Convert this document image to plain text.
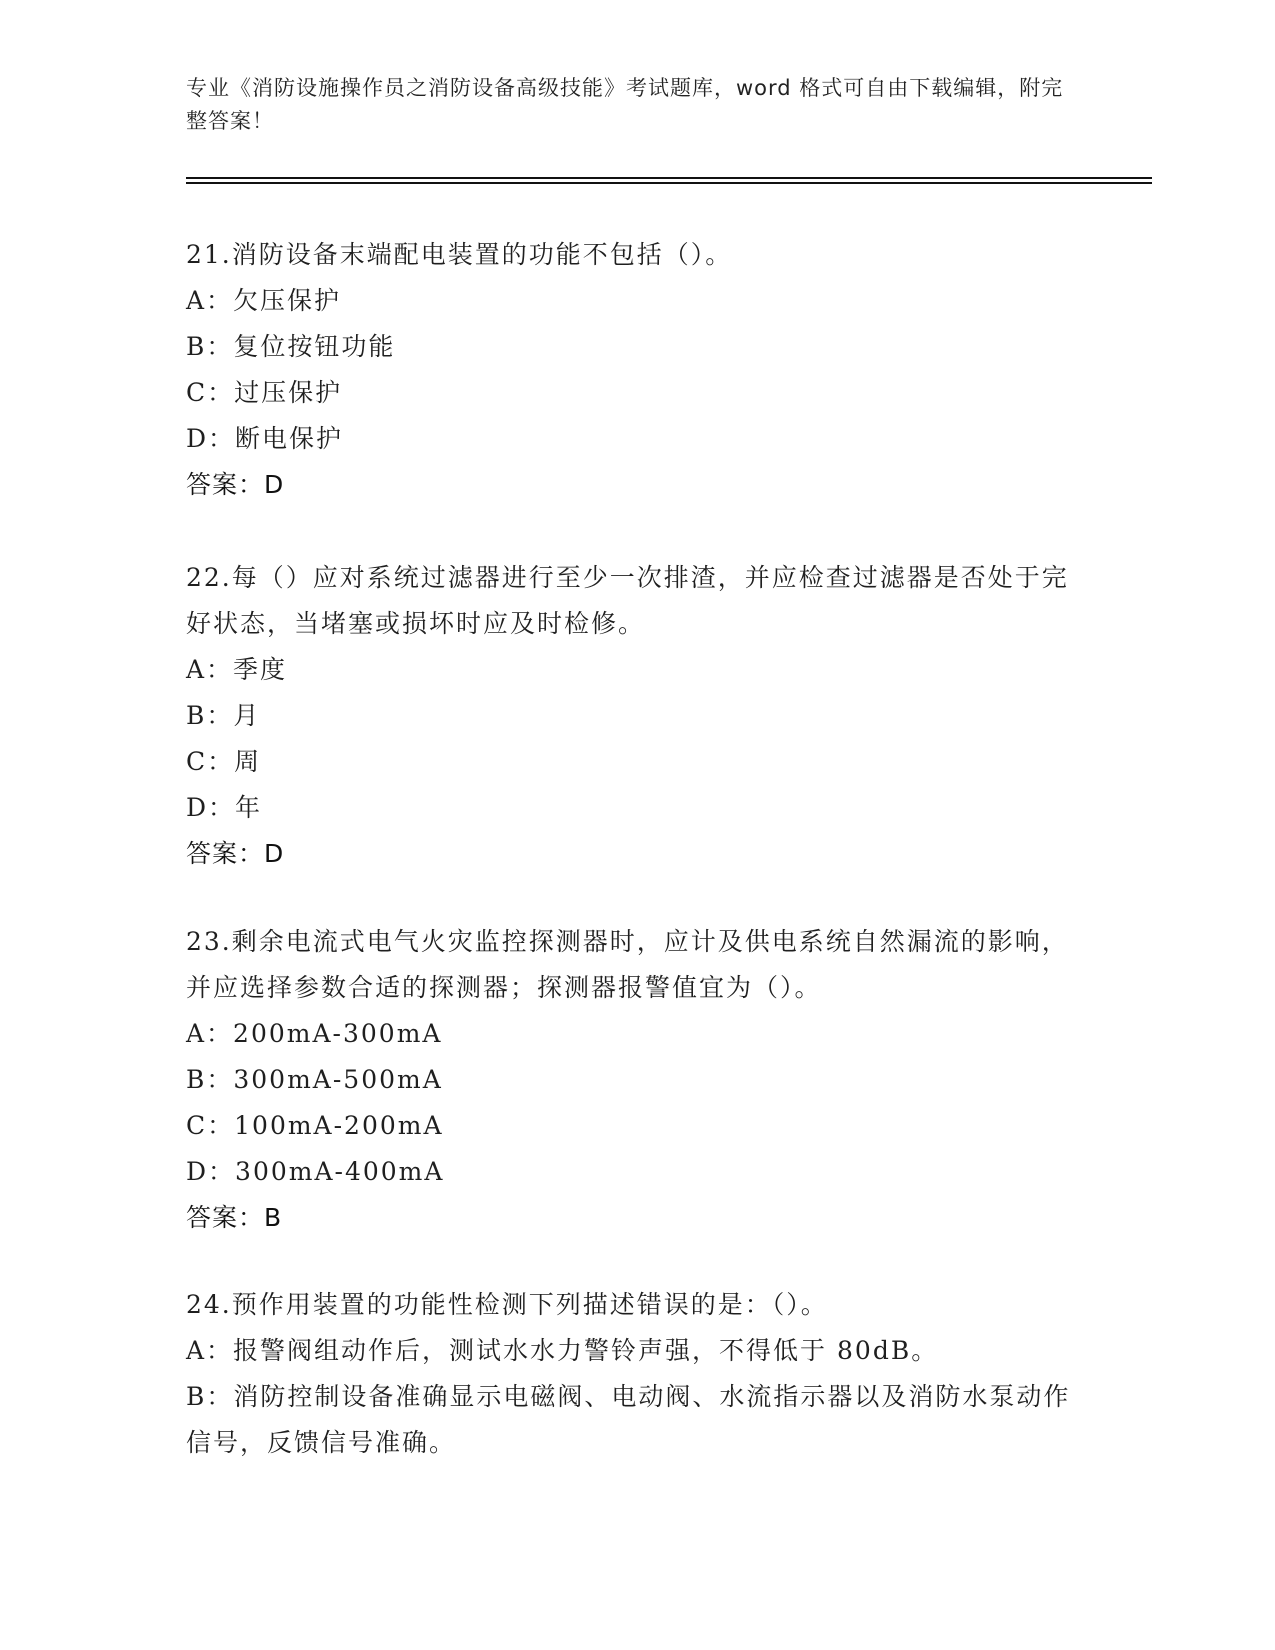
专业《消防设施操作员之消防设备高级技能》考试题库，word 格式可自由下载编辑，附完整答案！

21.消防设备末端配电装置的功能不包括（）。

A：欠压保护
B：复位按钮功能
C：过压保护
D：断电保护
答案：D

22.每（）应对系统过滤器进行至少一次排渣，并应检查过滤器是否处于完好状态，当堵塞或损坏时应及时检修。

A：季度
B：月
C：周
D：年
答案：D

23.剩余电流式电气火灾监控探测器时，应计及供电系统自然漏流的影响，并应选择参数合适的探测器；探测器报警值宜为（）。

A：200mA-300mA
B：300mA-500mA
C：100mA-200mA
D：300mA-400mA
答案：B

24.预作用装置的功能性检测下列描述错误的是：（）。

A：报警阀组动作后，测试水水力警铃声强，不得低于 80dB。

B：消防控制设备准确显示电磁阀、电动阀、水流指示器以及消防水泵动作信号，反馈信号准确。
